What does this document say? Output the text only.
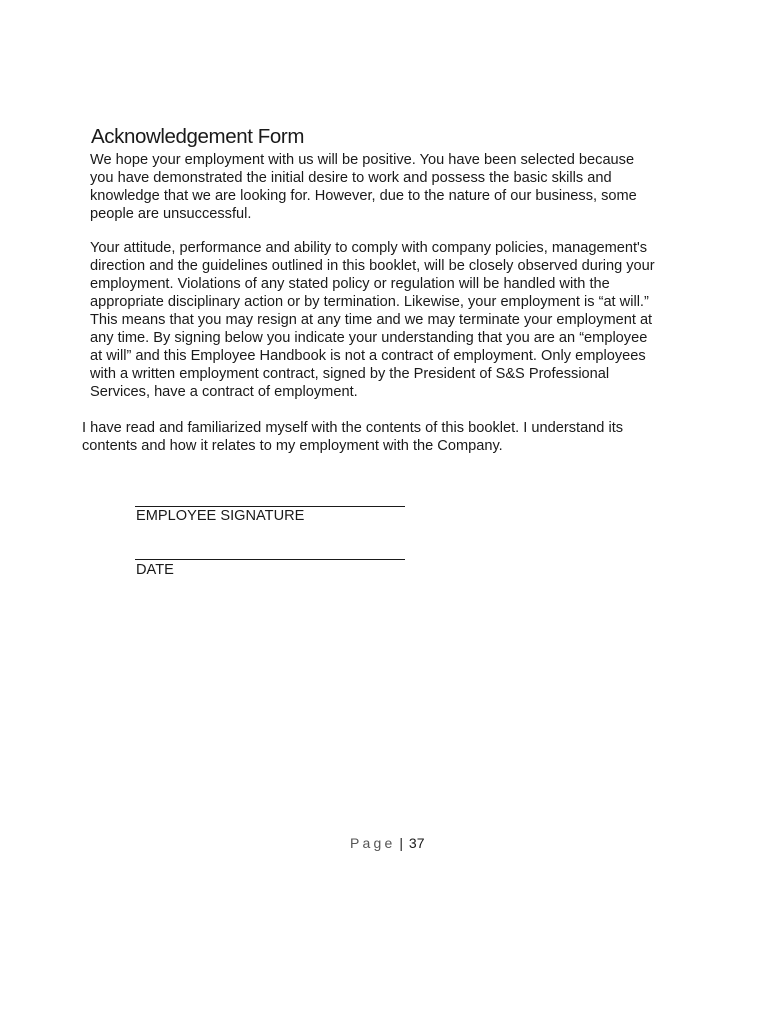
Acknowledgement Form

We hope your employment with us will be positive. You have been selected because
you have demonstrated the initial desire to work and possess the basic skills and
knowledge that we are looking for. However, due to the nature of our business, some
people are unsuccessful.

Your attitude, performance and ability to comply with company policies, management's
direction and the guidelines outlined in this booklet, will be closely observed during your
employment. Violations of any stated policy or regulation will be handled with the
appropriate disciplinary action or by termination. Likewise, your employment is “at will.”
This means that you may resign at any time and we may terminate your employment at
any time. By signing below you indicate your understanding that you are an “employee
at will” and this Employee Handbook is not a contract of employment. Only employees
with a written employment contract, signed by the President of S&S Professional
Services, have a contract of employment.

I have read and familiarized myself with the contents of this booklet. I understand its
contents and how it relates to my employment with the Company.

EMPLOYEE SIGNATURE
DATE
Page | 37
